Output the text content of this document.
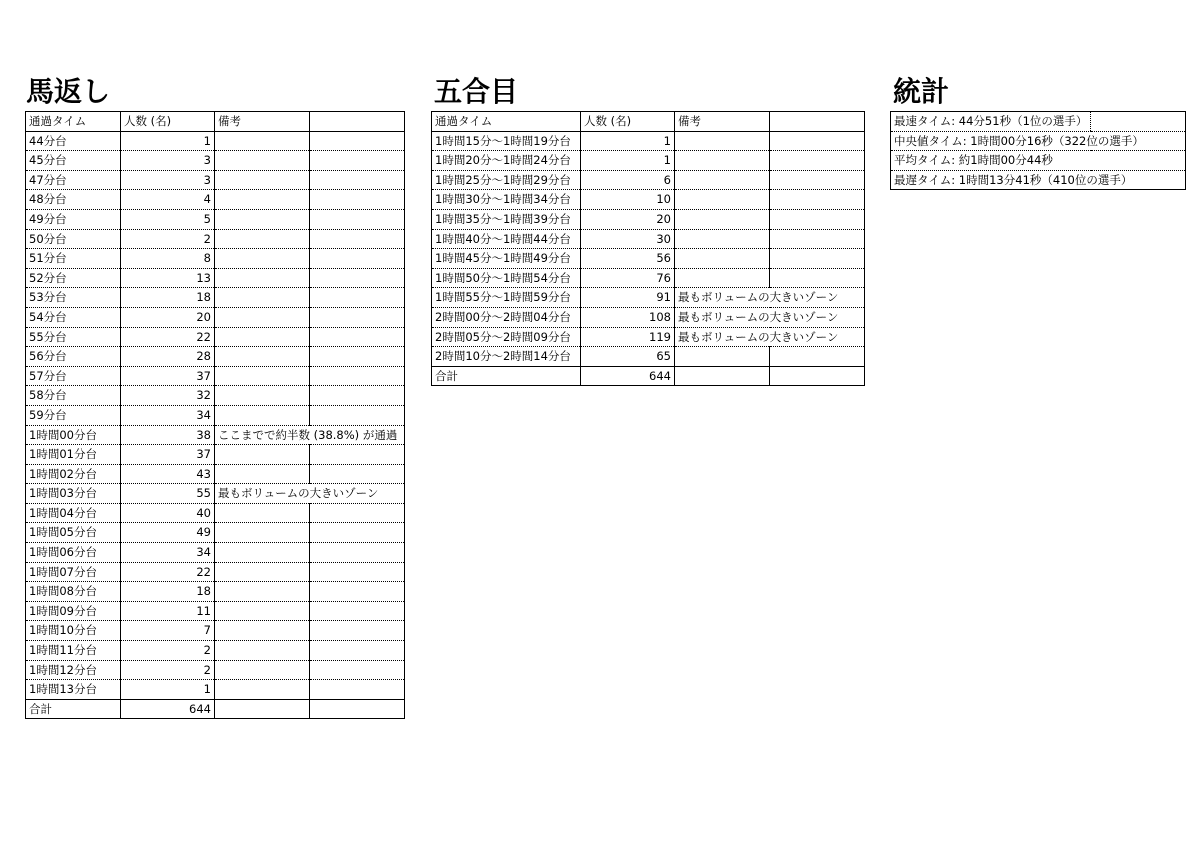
馬返し
通過タイム	人数 (名)	備考	
44分台	1		
45分台	3		
47分台	3		
48分台	4		
49分台	5		
50分台	2		
51分台	8		
52分台	13		
53分台	18		
54分台	20		
55分台	22		
56分台	28		
57分台	37		
58分台	32		
59分台	34		
1時間00分台	38	ここまでで約半数 (38.8%) が通過	
1時間01分台	37		
1時間02分台	43		
1時間03分台	55	最もボリュームの大きいゾーン	
1時間04分台	40		
1時間05分台	49		
1時間06分台	34		
1時間07分台	22		
1時間08分台	18		
1時間09分台	11		
1時間10分台	7		
1時間11分台	2		
1時間12分台	2		
1時間13分台	1		
合計	644		
五合目
通過タイム	人数 (名)	備考	
1時間15分～1時間19分台	1		
1時間20分～1時間24分台	1		
1時間25分～1時間29分台	6		
1時間30分～1時間34分台	10		
1時間35分～1時間39分台	20		
1時間40分～1時間44分台	30		
1時間45分～1時間49分台	56		
1時間50分～1時間54分台	76		
1時間55分～1時間59分台	91	最もボリュームの大きいゾーン	
2時間00分～2時間04分台	108	最もボリュームの大きいゾーン	
2時間05分～2時間09分台	119	最もボリュームの大きいゾーン	
2時間10分～2時間14分台	65		
合計	644		
統計
最速タイム: 44分51秒（1位の選手）	
中央値タイム: 1時間00分16秒（322位の選手）
平均タイム: 約1時間00分44秒
最遅タイム: 1時間13分41秒（410位の選手）
